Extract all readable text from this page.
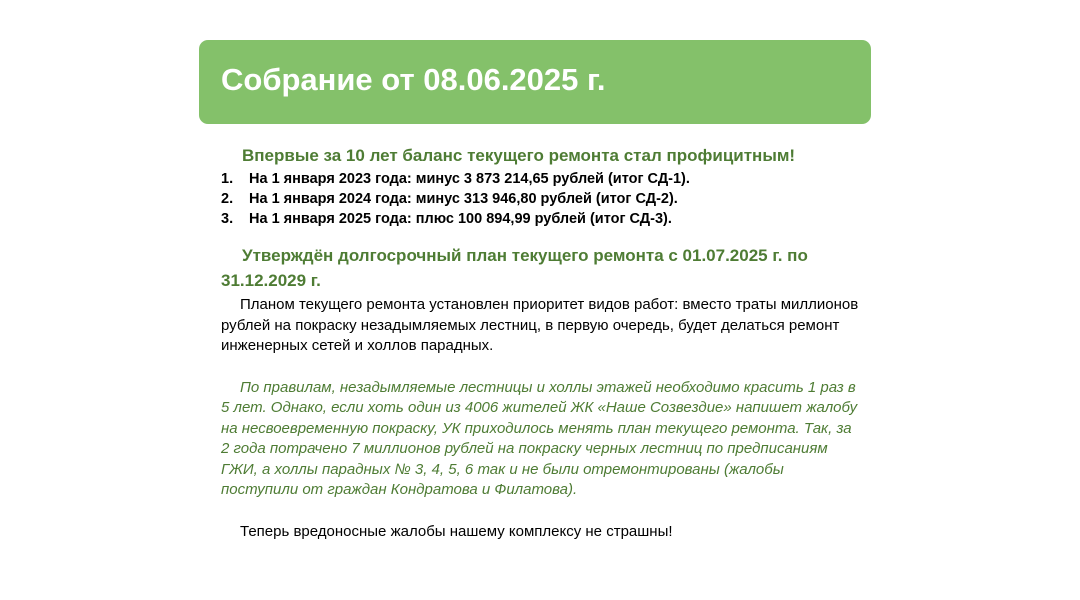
Собрание от 08.06.2025 г.

Впервые за 10 лет баланс текущего ремонта стал профицитным!

1. На 1 января 2023 года: минус 3 873 214,65 рублей (итог СД-1).
2. На 1 января 2024 года: минус 313 946,80 рублей (итог СД-2).
3. На 1 января 2025 года: плюс 100 894,99 рублей (итог СД-3).

Утверждён долгосрочный план текущего ремонта с 01.07.2025 г. по 31.12.2029 г.

Планом текущего ремонта установлен приоритет видов работ: вместо траты миллионов рублей на покраску незадымляемых лестниц, в первую очередь, будет делаться ремонт инженерных сетей и холлов парадных.

По правилам, незадымляемые лестницы и холлы этажей необходимо красить 1 раз в 5 лет. Однако, если хоть один из 4006 жителей ЖК «Наше Созвездие» напишет жалобу на несвоевременную покраску, УК приходилось менять план текущего ремонта. Так, за 2 года потрачено 7 миллионов рублей на покраску черных лестниц по предписаниям ГЖИ, а холлы парадных № 3, 4, 5, 6 так и не были отремонтированы (жалобы поступили от граждан Кондратова и Филатова).

Теперь вредоносные жалобы нашему комплексу не страшны!
